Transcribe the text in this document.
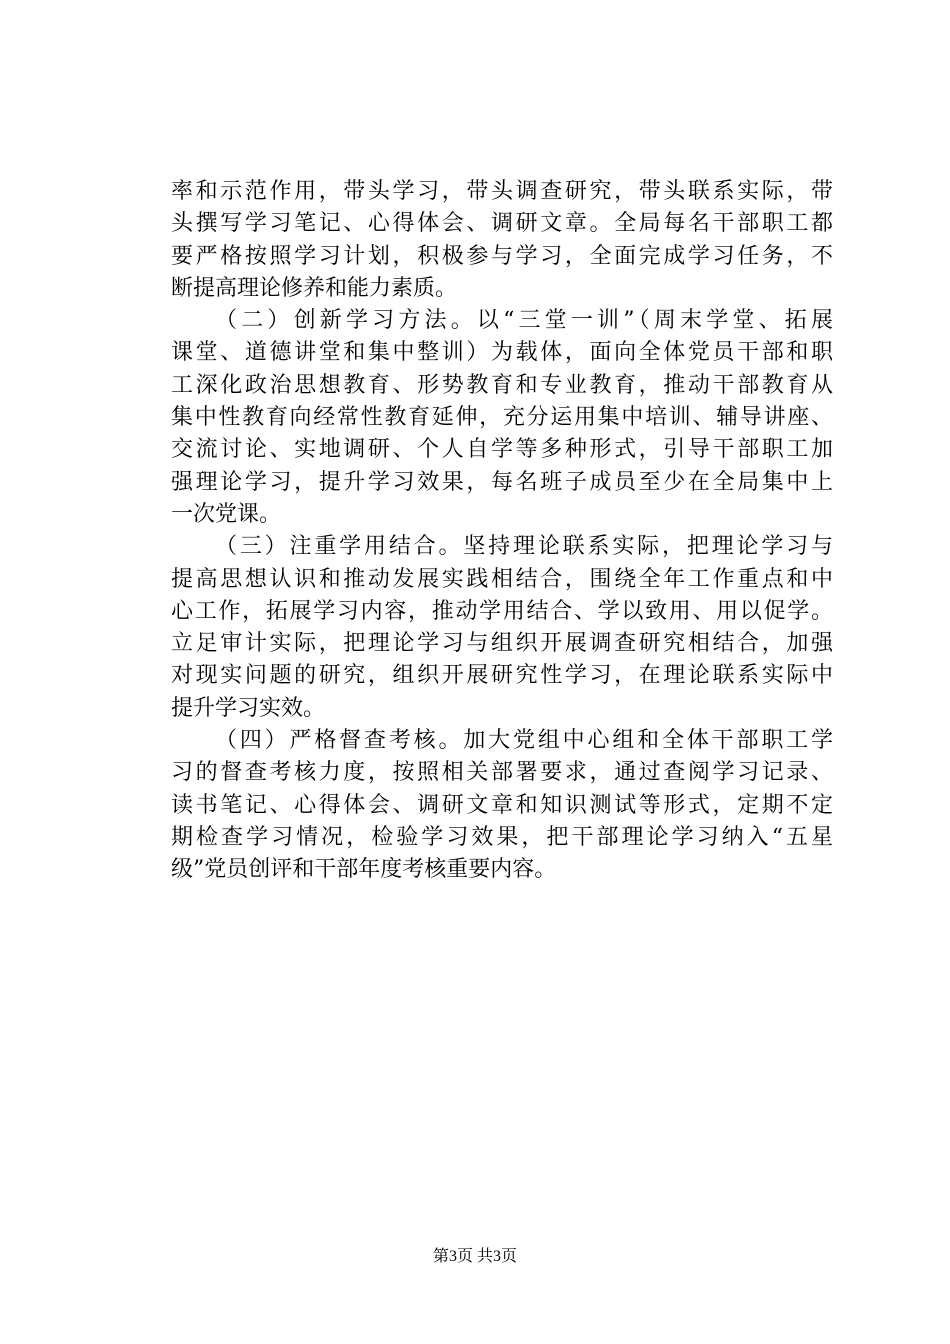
率和示范作用，带头学习，带头调查研究，带头联系实际，带
头撰写学习笔记、心得体会、调研文章。全局每名干部职工都
要严格按照学习计划，积极参与学习，全面完成学习任务，不
断提高理论修养和能力素质。
（二）创新学习方法。以“三堂一训”（周末学堂、拓展
课堂、道德讲堂和集中整训）为载体，面向全体党员干部和职
工深化政治思想教育、形势教育和专业教育，推动干部教育从
集中性教育向经常性教育延伸，充分运用集中培训、辅导讲座、
交流讨论、实地调研、个人自学等多种形式，引导干部职工加
强理论学习，提升学习效果，每名班子成员至少在全局集中上
一次党课。
（三）注重学用结合。坚持理论联系实际，把理论学习与
提高思想认识和推动发展实践相结合，围绕全年工作重点和中
心工作，拓展学习内容，推动学用结合、学以致用、用以促学。
立足审计实际，把理论学习与组织开展调查研究相结合，加强
对现实问题的研究，组织开展研究性学习，在理论联系实际中
提升学习实效。
（四）严格督查考核。加大党组中心组和全体干部职工学
习的督查考核力度，按照相关部署要求，通过查阅学习记录、
读书笔记、心得体会、调研文章和知识测试等形式，定期不定
期检查学习情况，检验学习效果，把干部理论学习纳入“五星
级”党员创评和干部年度考核重要内容。
第3页 共3页
